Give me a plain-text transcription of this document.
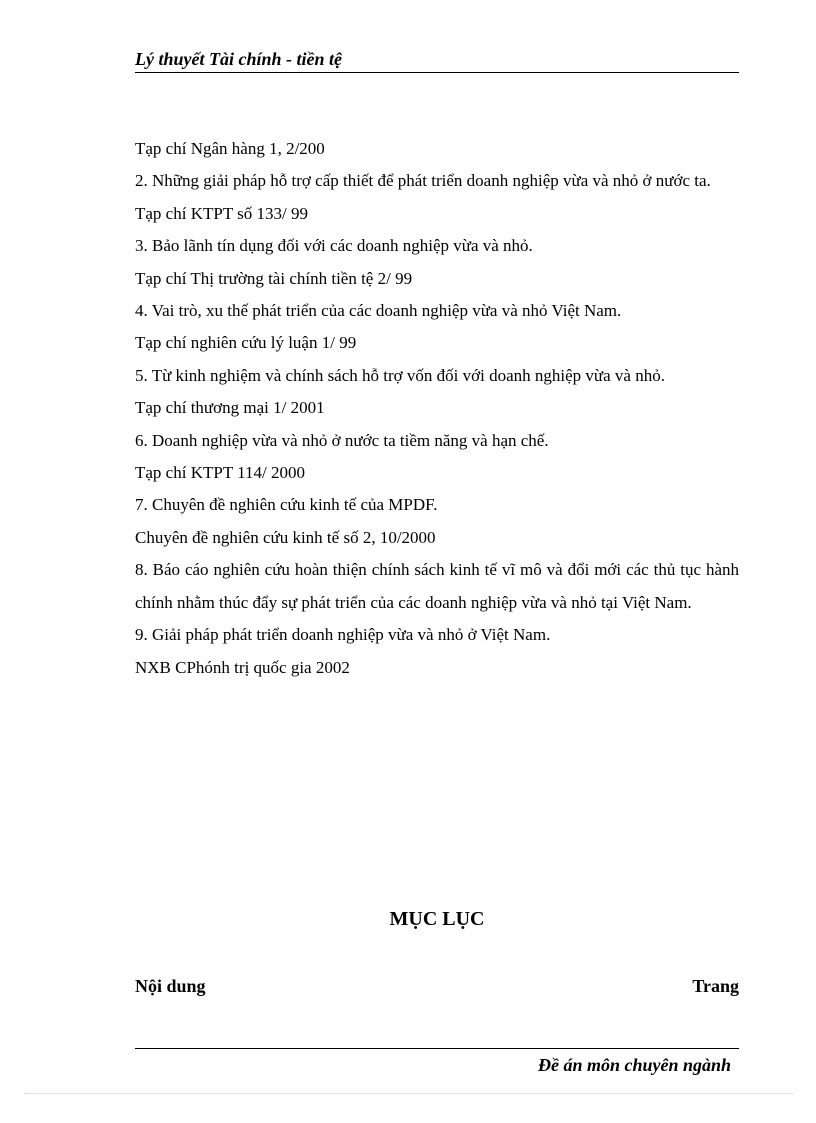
Lý thuyết Tài chính - tiền tệ

Tạp chí Ngân hàng 1, 2/200

2. Những giải pháp hỗ trợ cấp thiết để phát triển doanh nghiệp vừa và nhỏ ở nước ta.

Tạp chí KTPT số 133/ 99

3. Bảo lãnh tín dụng đối với các doanh nghiệp vừa và nhỏ.

Tạp chí Thị trường tài chính tiền tệ 2/ 99

4. Vai trò, xu thế phát triển của các doanh nghiệp vừa và nhỏ Việt Nam.

Tạp chí nghiên cứu lý luận 1/ 99

5. Từ kinh nghiệm và chính sách hỗ trợ vốn đối với doanh nghiệp vừa và nhỏ.

Tạp chí thương mại 1/ 2001

6. Doanh nghiệp vừa và nhỏ ở nước ta tiềm năng và hạn chế.

Tạp chí KTPT 114/ 2000

7. Chuyên đề nghiên cứu kinh tế của MPDF.

Chuyên đề nghiên cứu kinh tế số 2, 10/2000

8. Báo cáo nghiên cứu hoàn thiện chính sách kinh tế vĩ mô và đổi mới các thủ tục hành chính nhằm thúc đẩy sự phát triển của các doanh nghiệp vừa và nhỏ tại Việt Nam.

9. Giải pháp phát triển doanh nghiệp vừa và nhỏ ở Việt Nam.

NXB CPhónh trị quốc gia 2002

MỤC LỤC
Nội dung	Trang

Đề án môn chuyên ngành
